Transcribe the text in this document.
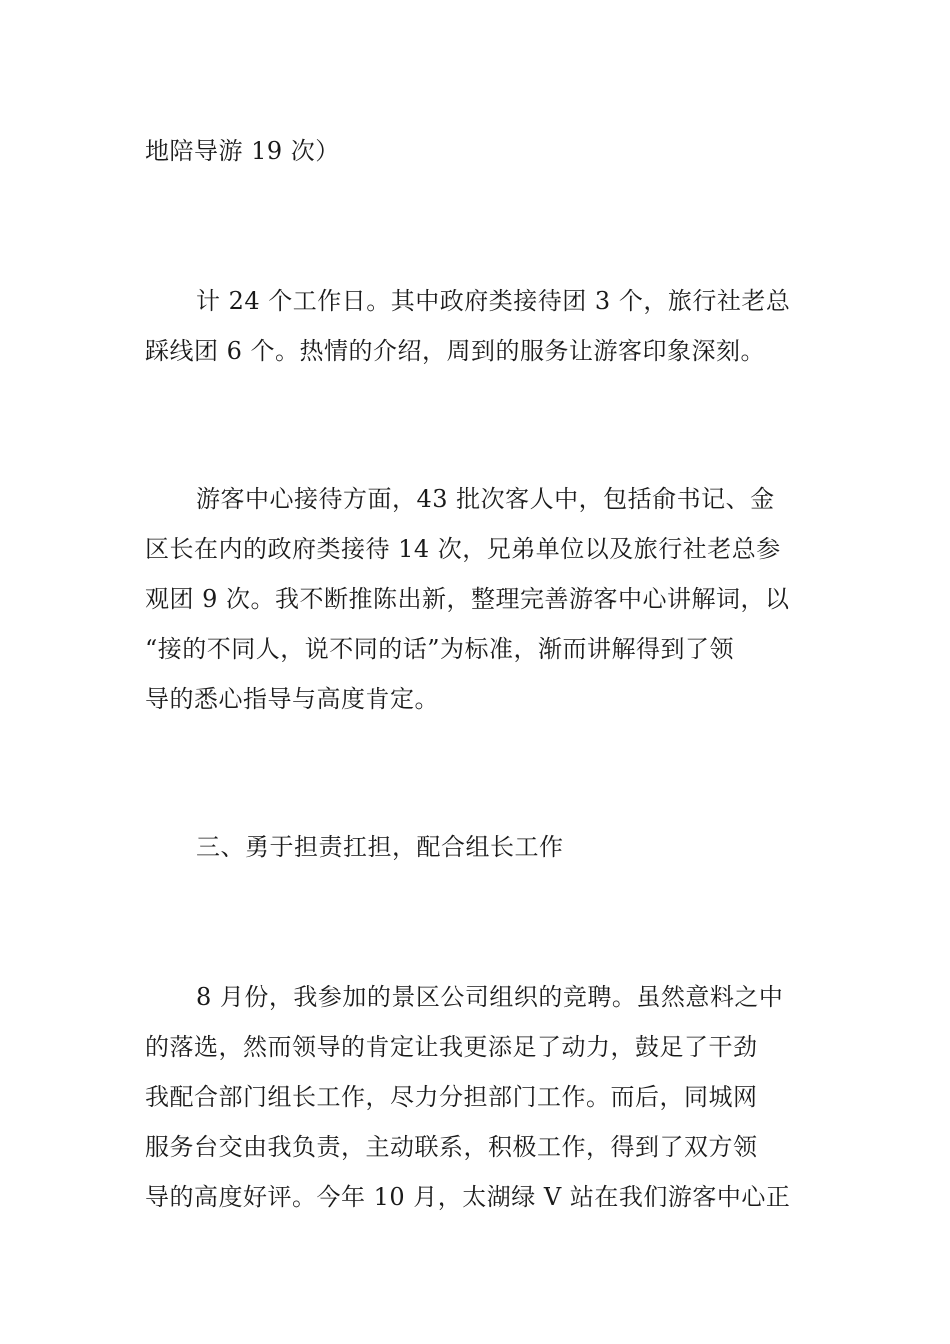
地陪导游 19 次）
计 24 个工作日。其中政府类接待团 3 个，旅行社老总
踩线团 6 个。热情的介绍，周到的服务让游客印象深刻。
游客中心接待方面，43 批次客人中，包括俞书记、金
区长在内的政府类接待 14 次，兄弟单位以及旅行社老总参
观团 9 次。我不断推陈出新，整理完善游客中心讲解词，以
“接的不同人，说不同的话”为标准，渐而讲解得到了领
导的悉心指导与高度肯定。
三、勇于担责扛担，配合组长工作
8 月份，我参加的景区公司组织的竞聘。虽然意料之中
的落选，然而领导的肯定让我更添足了动力，鼓足了干劲
我配合部门组长工作，尽力分担部门工作。而后，同城网
服务台交由我负责，主动联系，积极工作，得到了双方领
导的高度好评。今年 10 月，太湖绿 V 站在我们游客中心正
